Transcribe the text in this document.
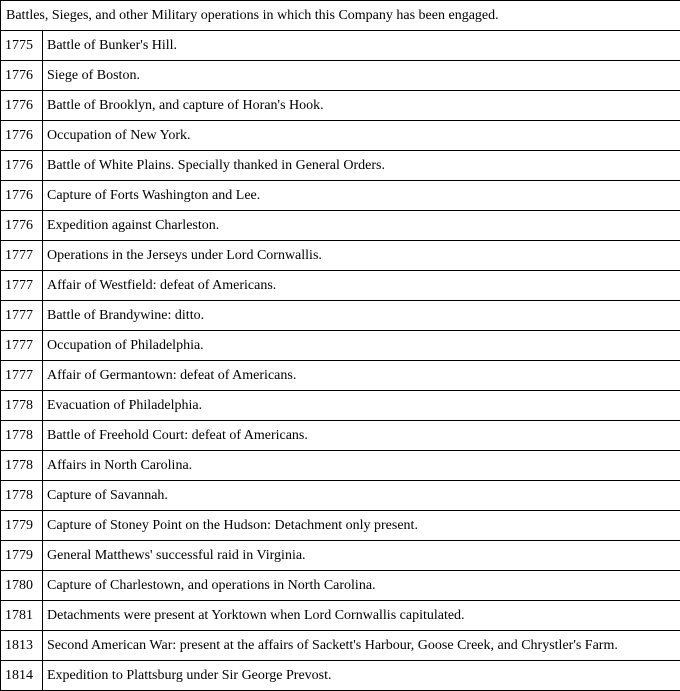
Battles, Sieges, and other Military operations in which this Company has been engaged.	
1775	Battle of Bunker's Hill.
1776	Siege of Boston.
1776	Battle of Brooklyn, and capture of Horan's Hook.
1776	Occupation of New York.
1776	Battle of White Plains. Specially thanked in General Orders.
1776	Capture of Forts Washington and Lee.
1776	Expedition against Charleston.
1777	Operations in the Jerseys under Lord Cornwallis.
1777	Affair of Westfield: defeat of Americans.
1777	Battle of Brandywine: ditto.
1777	Occupation of Philadelphia.
1777	Affair of Germantown: defeat of Americans.
1778	Evacuation of Philadelphia.
1778	Battle of Freehold Court: defeat of Americans.
1778	Affairs in North Carolina.
1778	Capture of Savannah.
1779	Capture of Stoney Point on the Hudson: Detachment only present.
1779	General Matthews' successful raid in Virginia.
1780	Capture of Charlestown, and operations in North Carolina.
1781	Detachments were present at Yorktown when Lord Cornwallis capitulated.
1813	Second American War: present at the affairs of Sackett's Harbour, Goose Creek, and Chrystler's Farm.
1814	Expedition to Plattsburg under Sir George Prevost.
